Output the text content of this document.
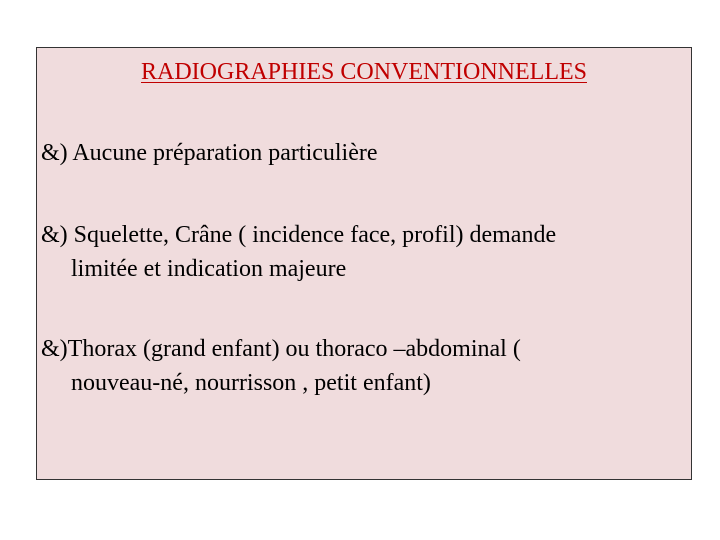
RADIOGRAPHIES CONVENTIONNELLES
&) Aucune préparation particulière
&) Squelette, Crâne ( incidence face, profil) demande
limitée et indication majeure
&)Thorax (grand enfant) ou thoraco –abdominal (
nouveau-né, nourrisson , petit enfant)
